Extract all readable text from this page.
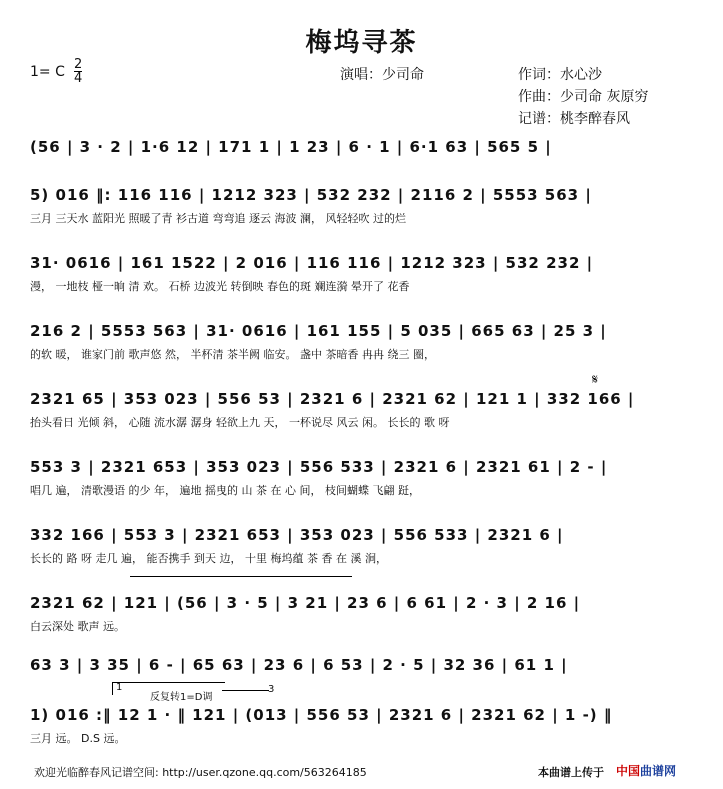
梅坞寻茶
1= C 2
4	演唱：少司命	作词：水心沙
作曲：少司命 灰原穷
记谱：桃李醉春风
(56 | 3 · 2 | 1·6 12 | 171 1 | 1 23 | 6 · 1 | 6·1 63 | 565 5 |
5) 016 ‖: 116 116 | 1212 323 | 532 232 | 2116 2 | 5553 563 |
三月 三天水 蓝阳光 照暖了青 衫古道 弯弯追 逐云 海波 澜， 风轻轻吹 过的烂
31· 0616 | 161 1522 | 2 016 | 116 116 | 1212 323 | 532 232 |
漫， 一地枝 桠一晌 清 欢。 石桥 边波光 转倒映 春色的斑 斓连漪 晕开了 花香
216 2 | 5553 563 | 31· 0616 | 161 155 | 5 035 | 665 63 | 25 3 |
的软 暖， 谁家门前 歌声悠 然， 半杯清 茶半阙 临安。 盏中 茶暗香 冉冉 绕三 圈，
2321 65 | 353 023 | 556 53 | 2321 6 | 2321 62 | 121 1 | 332 166 |
抬头看日 光倾 斜， 心随 流水潺 潺身 轻欲上九 天， 一杯说尽 风云 闲。 长长的 歌 呀
𝄋
553 3 | 2321 653 | 353 023 | 556 533 | 2321 6 | 2321 61 | 2 - |
唱几 遍， 清歌漫语 的少 年， 遍地 摇曳的 山 茶 在 心 间， 枝间蝴蝶 飞翩 跹，
332 166 | 553 3 | 2321 653 | 353 023 | 556 533 | 2321 6 |
长长的 路 呀 走几 遍， 能否携手 到天 边， 十里 梅坞蕴 茶 香 在 溪 涧，
2321 62 | 121 | (56 | 3 · 5 | 3 21 | 23 6 | 6 61 | 2 · 3 | 2 16 |
白云深处 歌声 远。
63 3 | 3 35 | 6 - | 65 63 | 23 6 | 6 53 | 2 · 5 | 32 36 | 61 1 |
1
反复转1=D调
3
1) 016 :‖ 12 1 · ‖ 121 | (013 | 556 53 | 2321 6 | 2321 62 | 1 -) ‖
三月 远。 D.S 远。
欢迎光临醉春风记谱空间: http://user.qzone.qq.com/563264185	本曲谱上传于 中国曲谱网
